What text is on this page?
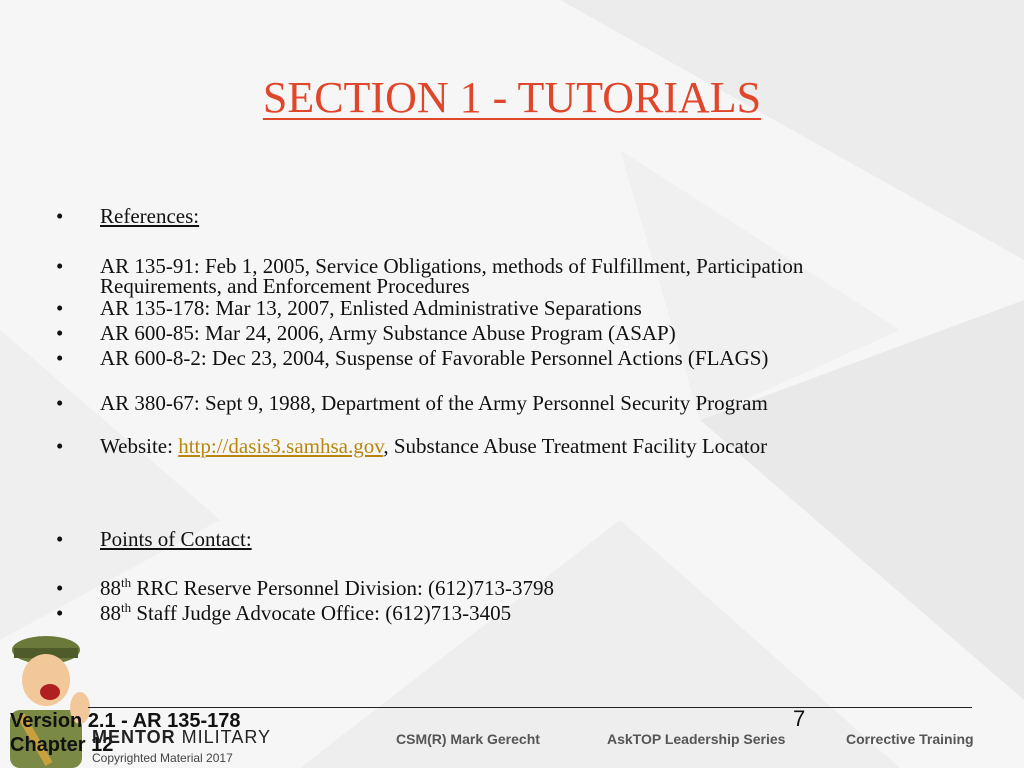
SECTION 1 - TUTORIALS
• References:
• AR 135-91: Feb 1, 2005, Service Obligations, methods of Fulfillment, Participation Requirements, and Enforcement Procedures
• AR 135-178: Mar 13, 2007, Enlisted Administrative Separations
• AR 600-85: Mar 24, 2006, Army Substance Abuse Program (ASAP)
• AR 600-8-2: Dec 23, 2004, Suspense of Favorable Personnel Actions (FLAGS)
• AR 380-67: Sept 9, 1988, Department of the Army Personnel Security Program
• Website: http://dasis3.samhsa.gov, Substance Abuse Treatment Facility Locator
• Points of Contact:
• 88th RRC Reserve Personnel Division: (612)713-3798
• 88th Staff Judge Advocate Office: (612)713-3405
Version 2.1 - AR 135-178
Chapter 12
7
MENTOR MILITARY
Copyrighted Material 2017
CSM(R) Mark Gerecht	AskTOP Leadership Series	Corrective Training
